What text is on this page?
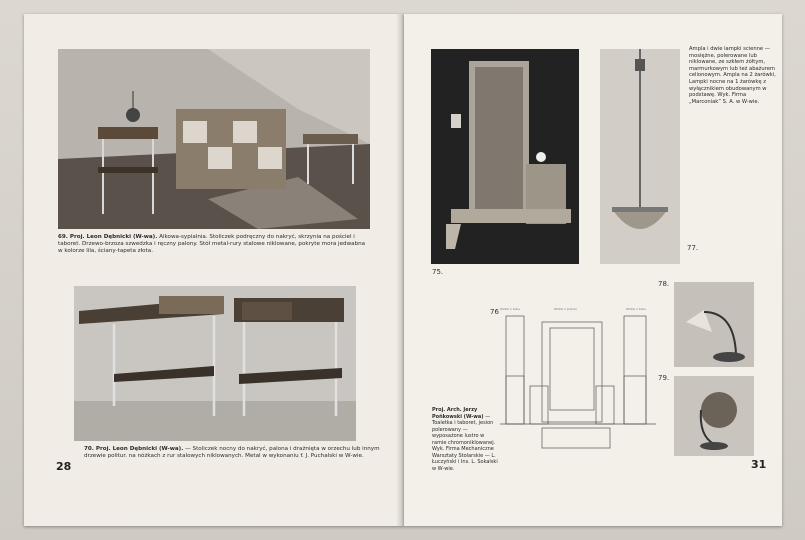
69. Proj. Leon Dębnicki (W-wa). Alkowa-sypialnia. Stoliczek podręczny do nakryć, skrzynia na pościel i taboret. Drzewo-brzoza szwedzka i ręczny palony. Stół metal-rury stalowe niklowane, pokryte mora jedwabna w kolorze lila, ściany-tapeta złota.
70. Proj. Leon Dębnicki (W-wa). — Stoliczek nocny do nakryć, palona i drażnięta w orzechu lub innym drzewie politur. na nóżkach z rur stalowych niklowanych. Metal w wykonaniu f. J. Puchalski w W-wie.
28
Ampla i dwie lampki scienne — mosiężne, polerowane lub niklowane, ze szkłem żółtym, marmurkowym lub też abażurem celionowym. Ampla na 2 żarówki, Lampki nocne na 1 żarówkę z wyłącznikiem obudowanym w podstawę. Wyk. Firma „Marconiak” S. A. w W-wie.
75.
77.
76 Widok z boku	Widok z przodu	Widok z boku
Proj. Arch. Jerzy Pońkowski (W-wa) — Toaletka i taboret, jesion polerowany — wyposażone lustro w ramie chromoniklowanej. Wyk. Firma Mechaniczne Warsztaty Stolarskie — L. Łuczyński i Ins. L. Sokalski w W-wie.
78.
79.
31
